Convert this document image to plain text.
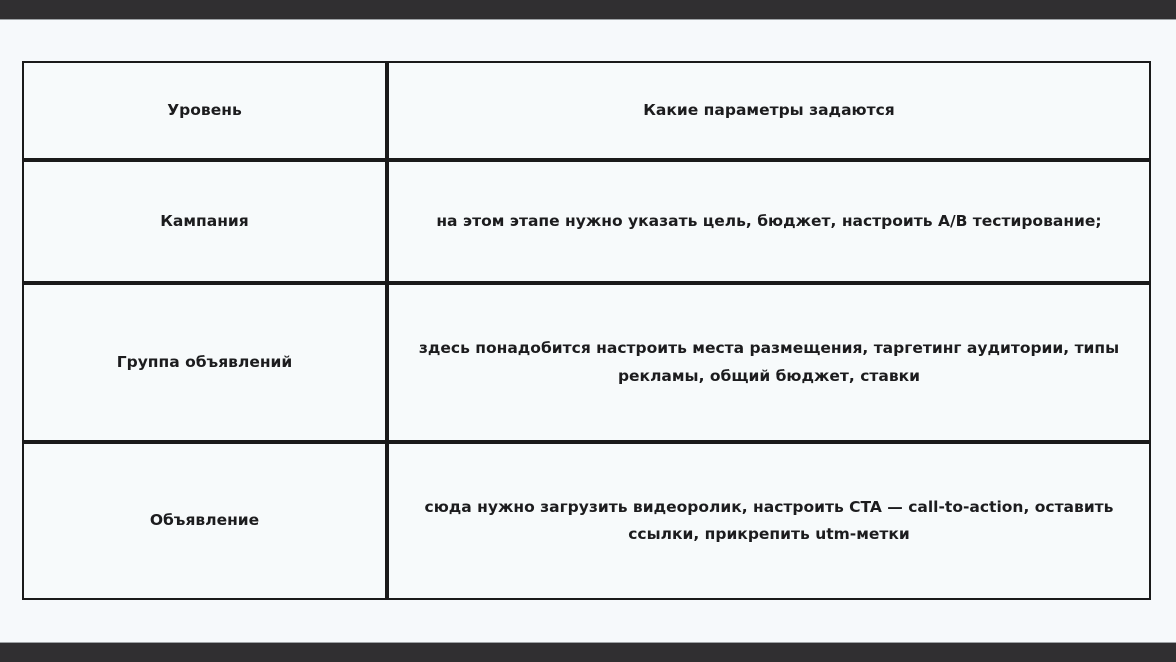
Уровень	Какие параметры задаются
Кампания	на этом этапе нужно указать цель, бюджет, настроить A/B тестирование;
Группа объявлений	здесь понадобится настроить места размещения, таргетинг аудитории, типы рекламы, общий бюджет, ставки
Объявление	сюда нужно загрузить видеоролик, настроить CTA — call-to-action, оставить ссылки, прикрепить utm-метки
